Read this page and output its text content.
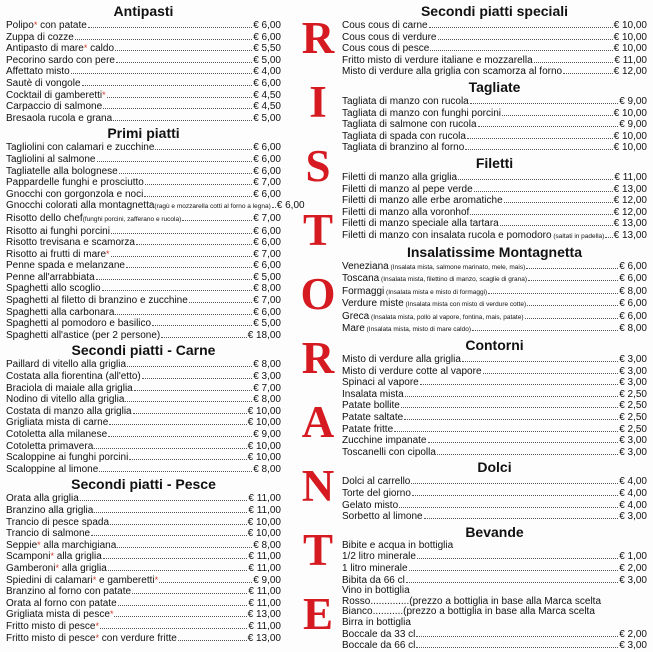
Antipasti
Polipo* con patate	€ 6,00
Zuppa di cozze	€ 6,00
Antipasto di mare* caldo	€ 5,50
Pecorino sardo con pere	€ 5,00
Affettato misto	€ 4,00
Sautè di vongole	€ 6,00
Cocktail di gamberetti*	€ 4,50
Carpaccio di salmone	€ 4,50
Bresaola rucola e grana	€ 5,00
Primi piatti
Tagliolini con calamari e zucchine	€ 6,00
Tagliolini al salmone	€ 6,00
Tagliatelle alla bolognese	€ 6,00
Pappardelle funghi e prosciutto	€ 7,00
Gnocchi con gorgonzola e noci	€ 6,00
Gnocchi colorati alla montagnetta(ragù e mozzarella cotti al forno a legna) € 6,00
Risotto dello chef(funghi porcini, zafferano e rucola)	€ 7,00
Risotto ai funghi porcini	€ 6,00
Risotto trevisana e scamorza	€ 6,00
Risotto ai frutti di mare*	€ 7,00
Penne spada e melanzane	€ 6,00
Penne all'arrabbiata	€ 5,00
Spaghetti allo scoglio	€ 8,00
Spaghetti al filetto di branzino e zucchine	€ 7,00
Spaghetti alla carbonara	€ 6,00
Spaghetti al pomodoro e basilico	€ 5,00
Spaghetti all'astice (per 2 persone)	€ 18,00
Secondi piatti - Carne
Paillard di vitello alla griglia	€ 8,00
Costata alla fiorentina (all'etto)	€ 3,00
Braciola di maiale alla griglia	€ 7,00
Nodino di vitello alla griglia	€ 8,00
Costata di manzo alla griglia	€ 10,00
Grigliata mista di carne	€ 10,00
Cotoletta alla milanese	€ 9,00
Cotoletta primavera	€ 10,00
Scaloppine ai funghi porcini	€ 10,00
Scaloppine al limone	€ 8,00
Secondi piatti - Pesce
Orata alla griglia	€ 11,00
Branzino alla griglia	€ 11,00
Trancio di pesce spada	€ 10,00
Trancio di salmone	€ 10,00
Seppie* alla marchigiana	€ 8,00
Scamponi* alla griglia	€ 11,00
Gamberoni* alla griglia	€ 11,00
Spiedini di calamari* e gamberetti*	€ 9,00
Branzino al forno con patate	€ 11,00
Orata al forno con patate	€ 11,00
Grigliata mista di pesce*	€ 13,00
Fritto misto di pesce*	€ 11,00
Fritto misto di pesce* con verdure fritte	€ 13,00
R
I
S
T
O
R
A
N
T
E
Secondi piatti speciali
Cous cous di carne	€ 10,00
Cous cous di verdure	€ 10,00
Cous cous di pesce	€ 10,00
Fritto misto di verdure italiane e mozzarella	€ 11,00
Misto di verdure alla griglia con scamorza al forno	€ 12,00
Tagliate
Tagliata di manzo con rucola	€ 9,00
Tagliata di manzo con funghi porcini	€ 10,00
Tagliata di salmone con rucola	€ 9,00
Tagliata di spada con rucola	€ 10,00
Tagliata di branzino al forno	€ 10,00
Filetti
Filetti di manzo alla griglia	€ 11,00
Filetti di manzo al pepe verde	€ 13,00
Filetti di manzo alle erbe aromatiche	€ 12,00
Filetti di manzo alla voronhof	€ 12,00
Filetti di manzo speciale alla tartara	€ 13,00
Filetti di manzo con insalata rucola e pomodoro (saltati in padella) € 13,00
Insalatissime Montagnetta
Veneziana (Insalata mista, salmone marinato, mele, mais)	€ 6,00
Toscana (Insalata mista, filettino di manzo, scaglie di grana)	€ 6,00
Formaggi (Insalata mista e misto di formaggi)	€ 8,00
Verdure miste (Insalata mista con misto di verdure cotte)	€ 6,00
Greca (Insalata mista, pollo al vapore, fontina, mais, patate)	€ 6,00
Mare (Insalata mista, misto di mare caldo)	€ 8,00
Contorni
Misto di verdure alla griglia	€ 3,00
Misto di verdure cotte al vapore	€ 3,00
Spinaci al vapore	€ 3,00
Insalata mista	€ 2,50
Patate bollite	€ 2,50
Patate saltate	€ 2,50
Patate fritte	€ 2,50
Zucchine impanate	€ 3,00
Toscanelli con cipolla	€ 3,00
Dolci
Dolci al carrello	€ 4,00
Torte del giorno	€ 4,00
Gelato misto	€ 4,00
Sorbetto al limone	€ 3,00
Bevande
Bibite e acqua in bottiglia
1/2 litro minerale	€ 1,00
1 litro minerale	€ 2,00
Bibita da 66 cl	€ 3,00
Vino in bottiglia
Rosso..............(prezzo a bottiglia in base alla Marca scelta
Bianco...........(prezzo a bottiglia in base alla Marca scelta
Birra in bottiglia
Boccale da 33 cl	€ 2,00
Boccale da 66 cl	€ 3,00
